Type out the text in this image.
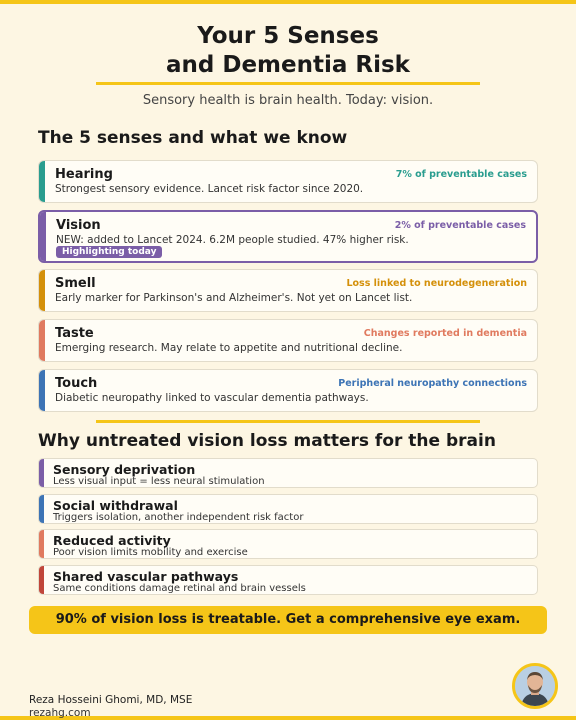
Your 5 Senses
and Dementia Risk
Sensory health is brain health. Today: vision.
The 5 senses and what we know
Hearing	7% of preventable cases
Strongest sensory evidence. Lancet risk factor since 2020.
Vision	2% of preventable cases
NEW: added to Lancet 2024. 6.2M people studied. 47% higher risk.
Highlighting today
Smell	Loss linked to neurodegeneration
Early marker for Parkinson's and Alzheimer's. Not yet on Lancet list.
Taste	Changes reported in dementia
Emerging research. May relate to appetite and nutritional decline.
Touch	Peripheral neuropathy connections
Diabetic neuropathy linked to vascular dementia pathways.
Why untreated vision loss matters for the brain
Sensory deprivation
Less visual input = less neural stimulation
Social withdrawal
Triggers isolation, another independent risk factor
Reduced activity
Poor vision limits mobility and exercise
Shared vascular pathways
Same conditions damage retinal and brain vessels
90% of vision loss is treatable. Get a comprehensive eye exam.
Reza Hosseini Ghomi, MD, MSE
rezahg.com
